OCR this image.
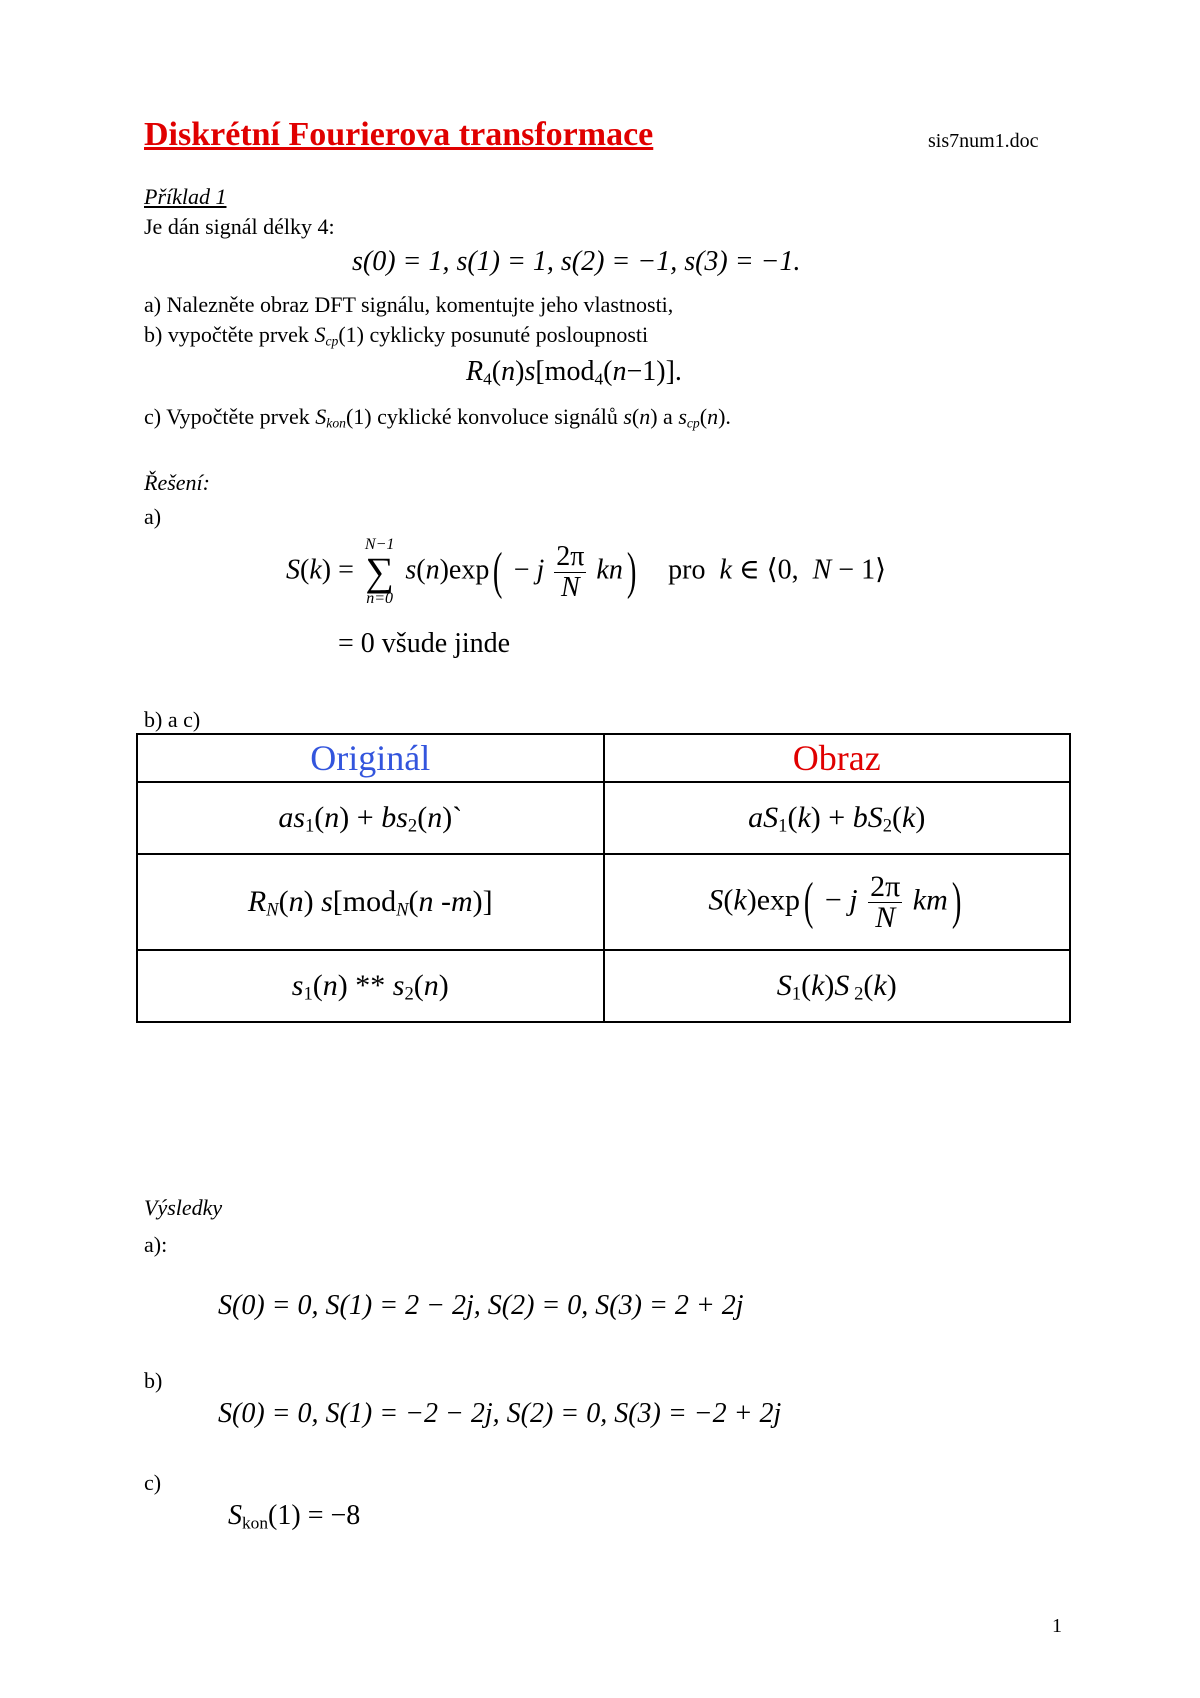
Diskrétní Fourierova transformace	sis7num1.doc
Příklad 1
Je dán signál délky 4:
s(0) = 1, s(1) = 1, s(2) = −1, s(3) = −1.
a) Nalezněte obraz DFT signálu, komentujte jeho vlastnosti,
b) vypočtěte prvek $S_{cp}(1)$ cyklicky posunuté posloupnosti
$R_4(n)s[mod_4(n-1)]$.
c) Vypočtěte prvek $S_{kon}(1)$ cyklické konvoluce signálů s(n) a $s_{cp}(n)$.
Řešení:
a)
S(k) =
N−1
∑
n=0
s(n)exp( − j $\frac{2\pi}{N} kn$) pro k ∈ ⟨0,  N − 1⟩
= 0 všude jinde
b) a c)
Originál	Obraz
$as_1(n)$ + $bs_2(n)`$	$aS_1(k) + bS_2(k)$
$R_N(n)$ s[mod$_N$(n -m)]	S(k)exp( − j $\frac{2\pi}{N} km$)
$s_1(n) ** s_2(n)$	$S_1(k)S$ $_2$(k)
Výsledky
a):
S(0) = 0, S(1) = 2 − 2j, S(2) = 0, S(3) = 2 + 2j
b)
S(0) = 0, S(1) = −2 − 2j, S(2) = 0, S(3) = −2 + 2j
c)
$S_{kon}(1) = -8$
1
